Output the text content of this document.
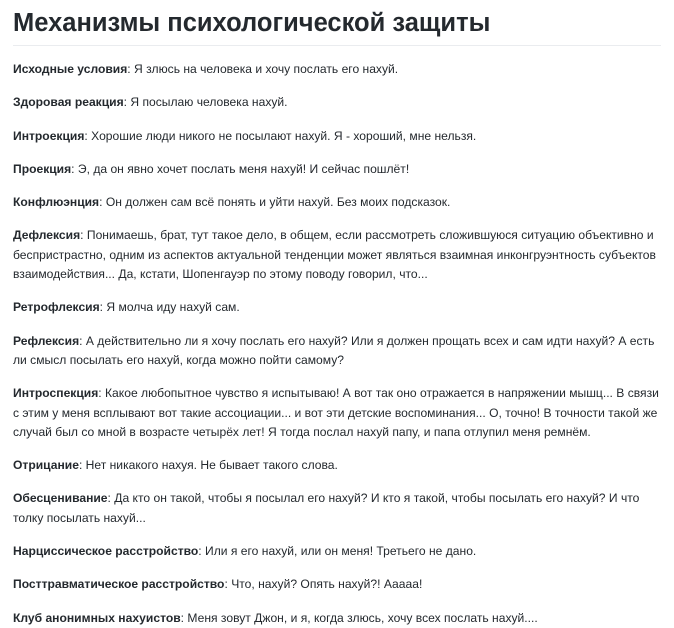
Механизмы психологической защиты

Исходные условия: Я злюсь на человека и хочу послать его нахуй.

Здоровая реакция: Я посылаю человека нахуй.

Интроекция: Хорошие люди никого не посылают нахуй. Я - хороший, мне нельзя.

Проекция: Э, да он явно хочет послать меня нахуй! И сейчас пошлёт!

Конфлюэнция: Он должен сам всё понять и уйти нахуй. Без моих подсказок.

Дефлексия: Понимаешь, брат, тут такое дело, в общем, если рассмотреть сложившуюся ситуацию объективно и беспристрастно, одним из аспектов актуальной тенденции может являться взаимная инконгруэнтность субъектов взаимодействия... Да, кстати, Шопенгауэр по этому поводу говорил, что...

Ретрофлексия: Я молча иду нахуй сам.

Рефлексия: А действительно ли я хочу послать его нахуй? Или я должен прощать всех и сам идти нахуй? А есть ли смысл посылать его нахуй, когда можно пойти самому?

Интроспекция: Какое любопытное чувство я испытываю! А вот так оно отражается в напряжении мышц... В связи с этим у меня всплывают вот такие ассоциации... и вот эти детские воспоминания... О, точно! В точности такой же случай был со мной в возрасте четырёх лет! Я тогда послал нахуй папу, и папа отлупил меня ремнём.

Отрицание: Нет никакого нахуя. Не бывает такого слова.

Обесценивание: Да кто он такой, чтобы я посылал его нахуй? И кто я такой, чтобы посылать его нахуй? И что толку посылать нахуй...

Нарциссическое расстройство: Или я его нахуй, или он меня! Третьего не дано.

Посттравматическое расстройство: Что, нахуй? Опять нахуй?! Ааааа!

Клуб анонимных нахуистов: Меня зовут Джон, и я, когда злюсь, хочу всех послать нахуй....
